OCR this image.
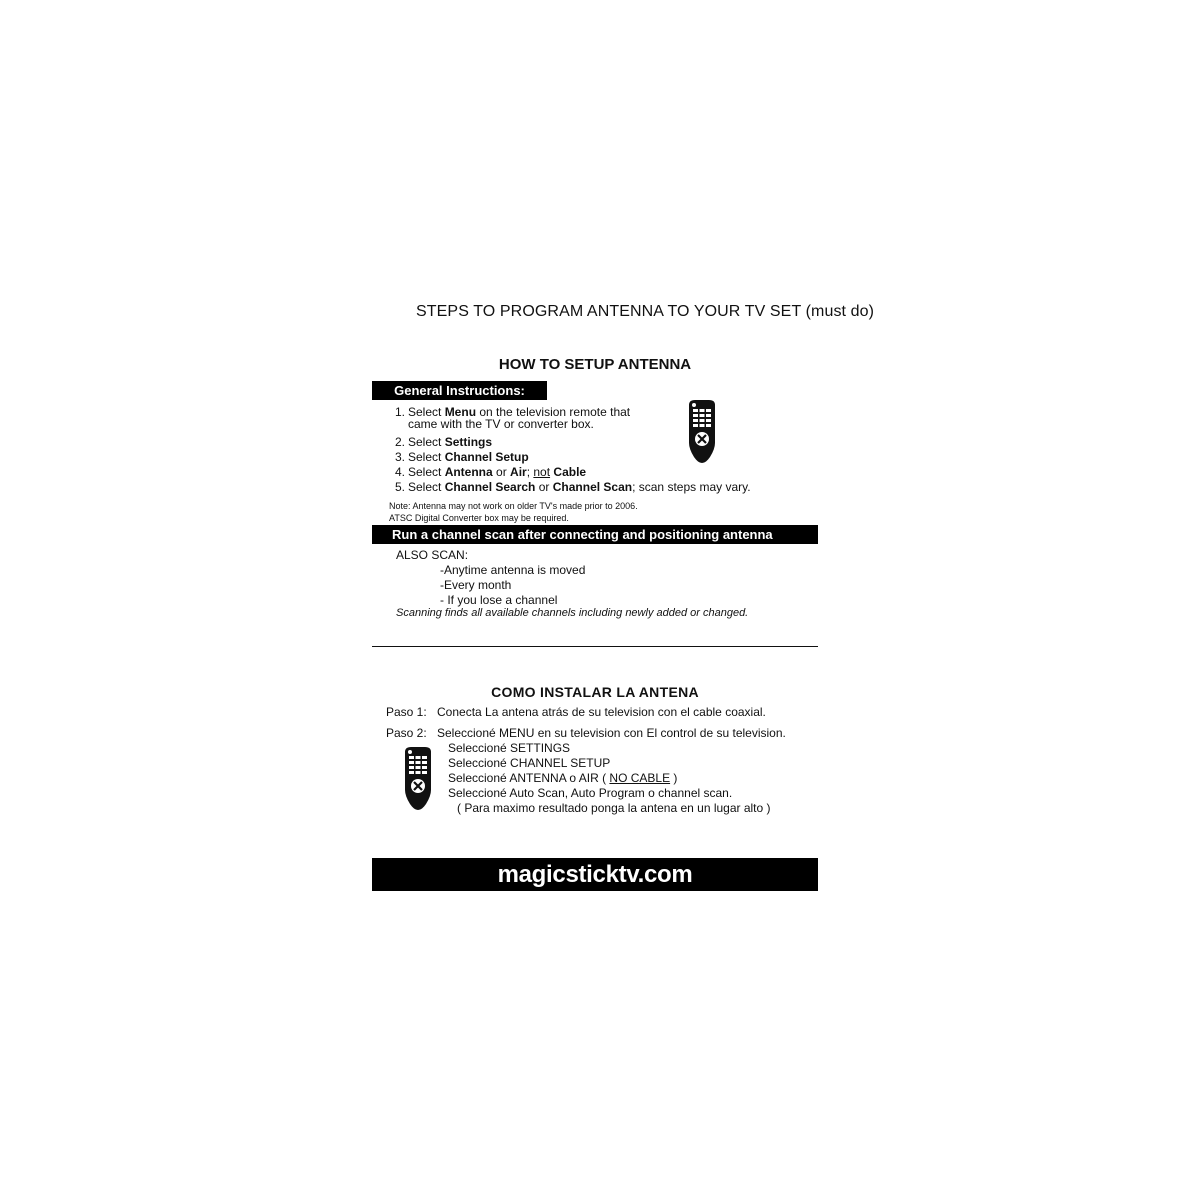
STEPS TO PROGRAM ANTENNA TO YOUR TV SET (must do)
HOW TO SETUP ANTENNA
General Instructions:
1. Select Menu on the television remote that
came with the TV or converter box.
2. Select Settings
3. Select Channel Setup
4. Select Antenna or Air; not Cable
5. Select Channel Search or Channel Scan; scan steps may vary.
Note: Antenna may not work on older TV's made prior to 2006.
ATSC Digital Converter box may be required.
Run a channel scan after connecting and positioning antenna
ALSO SCAN:
-Anytime antenna is moved
-Every month
- If you lose a channel
Scanning finds all available channels including newly added or changed.
COMO INSTALAR LA ANTENA
Paso 1: Conecta La antena atrás de su television con el cable coaxial.
Paso 2: Seleccioné MENU en su television con El control de su television.
Seleccioné SETTINGS
Seleccioné CHANNEL SETUP
Seleccioné ANTENNA o AIR ( NO CABLE )
Seleccioné Auto Scan, Auto Program o channel scan.
( Para maximo resultado ponga la antena en un lugar alto )
magicsticktv.com
